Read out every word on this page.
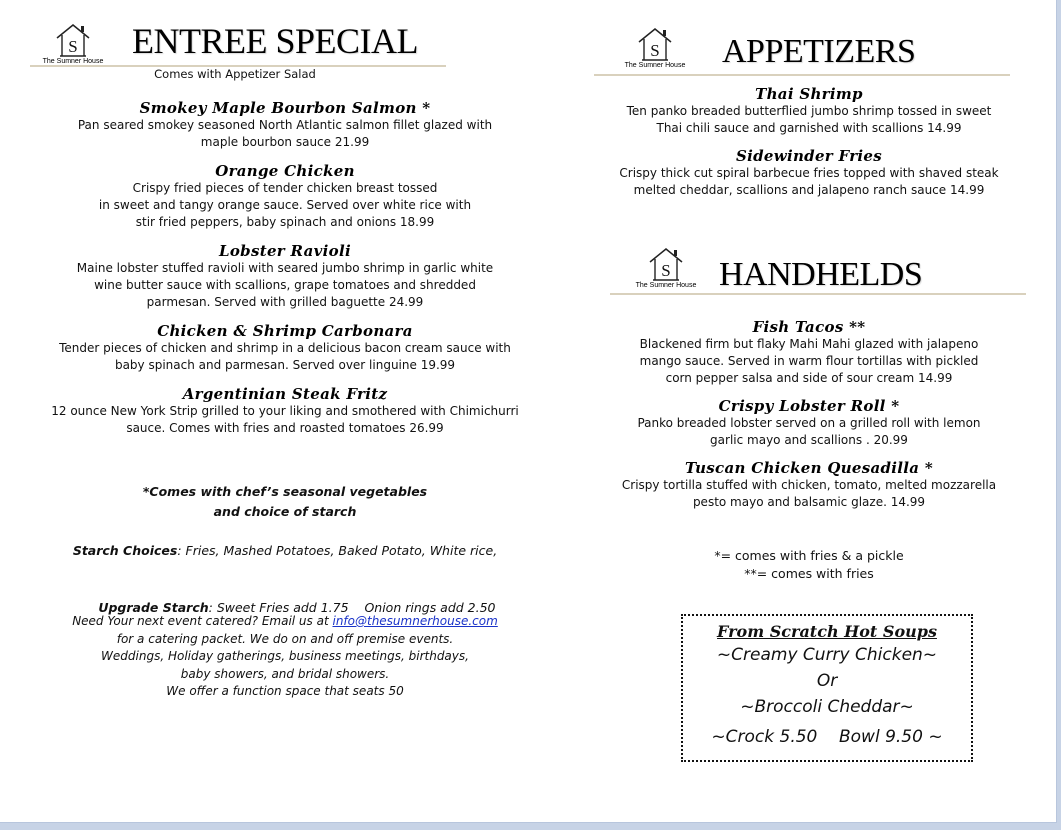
S
The Sumner House
ENTREE SPECIAL
Comes with Appetizer Salad
Smokey Maple Bourbon Salmon *
Pan seared smokey seasoned North Atlantic salmon fillet glazed with
maple bourbon sauce 21.99
Orange Chicken
Crispy fried pieces of tender chicken breast tossed
in sweet and tangy orange sauce. Served over white rice with
stir fried peppers, baby spinach and onions 18.99
Lobster Ravioli
Maine lobster stuffed ravioli with seared jumbo shrimp in garlic white
wine butter sauce with scallions, grape tomatoes and shredded
parmesan. Served with grilled baguette 24.99
Chicken & Shrimp Carbonara
Tender pieces of chicken and shrimp in a delicious bacon cream sauce with
baby spinach and parmesan. Served over linguine 19.99
Argentinian Steak Fritz
12 ounce New York Strip grilled to your liking and smothered with Chimichurri
sauce. Comes with fries and roasted tomatoes 26.99
*Comes with chef’s seasonal vegetables
and choice of starch
Starch Choices: Fries, Mashed Potatoes, Baked Potato, White rice,

Upgrade Starch: Sweet Fries add 1.75    Onion rings add 2.50

Need Your next event catered? Email us at info@thesumnerhouse.com
for a catering packet. We do on and off premise events.
Weddings, Holiday gatherings, business meetings, birthdays,
baby showers, and bridal showers.
We offer a function space that seats 50
S
The Sumner House APPETIZERS
Thai Shrimp
Ten panko breaded butterflied jumbo shrimp tossed in sweet
Thai chili sauce and garnished with scallions 14.99
Sidewinder Fries
Crispy thick cut spiral barbecue fries topped with shaved steak
melted cheddar, scallions and jalapeno ranch sauce 14.99
S
The Sumner House HANDHELDS
Fish Tacos **
Blackened firm but flaky Mahi Mahi glazed with jalapeno
mango sauce. Served in warm flour tortillas with pickled
corn pepper salsa and side of sour cream 14.99
Crispy Lobster Roll *
Panko breaded lobster served on a grilled roll with lemon
garlic mayo and scallions . 20.99
Tuscan Chicken Quesadilla *
Crispy tortilla stuffed with chicken, tomato, melted mozzarella
pesto mayo and balsamic glaze. 14.99
*= comes with fries & a pickle
**= comes with fries
From Scratch Hot Soups
~Creamy Curry Chicken~
Or
~Broccoli Cheddar~
~Crock 5.50    Bowl 9.50 ~
